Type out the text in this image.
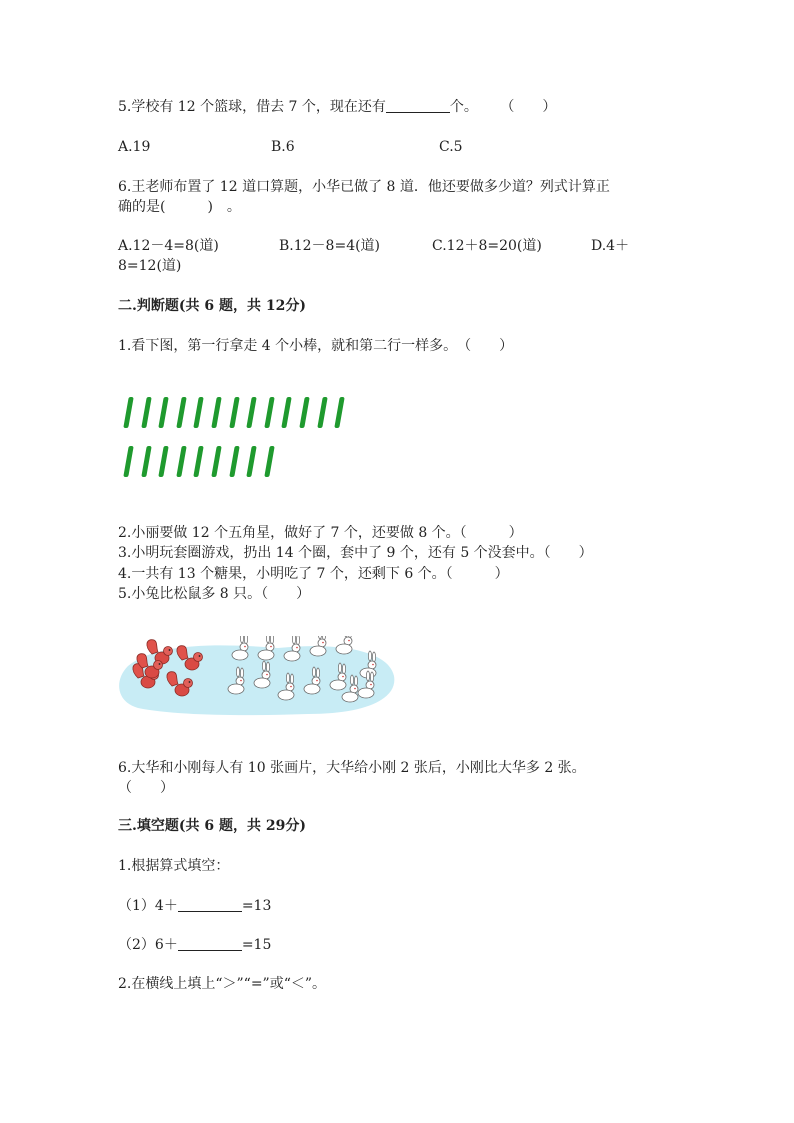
5.学校有 12 个篮球，借去 7 个，现在还有	个。 （　　）
A.19	B.6	C.5
6.王老师布置了 12 道口算题，小华已做了 8 道．他还要做多少道？列式计算正
确的是(　　　)　。
A.12－4=8(道)	B.12－8=4(道)	C.12＋8=20(道)	D.4＋
8=12(道)
二.判断题(共 6 题，共 12分)
1.看下图，第一行拿走 4 个小棒，就和第二行一样多。　（　　）
2.小丽要做 12 个五角星，做好了 7 个，还要做 8 个。（　　　）
3.小明玩套圈游戏，扔出 14 个圈，套中了 9 个，还有 5 个没套中。（　　）
4.一共有 13 个糖果，小明吃了 7 个，还剩下 6 个。（　　　）
5.小兔比松鼠多 8 只。（　　）
6.大华和小刚每人有 10 张画片，大华给小刚 2 张后，小刚比大华多 2 张。
（　　）
三.填空题(共 6 题，共 29分)
1.根据算式填空：
（1）4＋	=13
（2）6＋	=15
2.在横线上填上“＞”“=”或“＜”。
